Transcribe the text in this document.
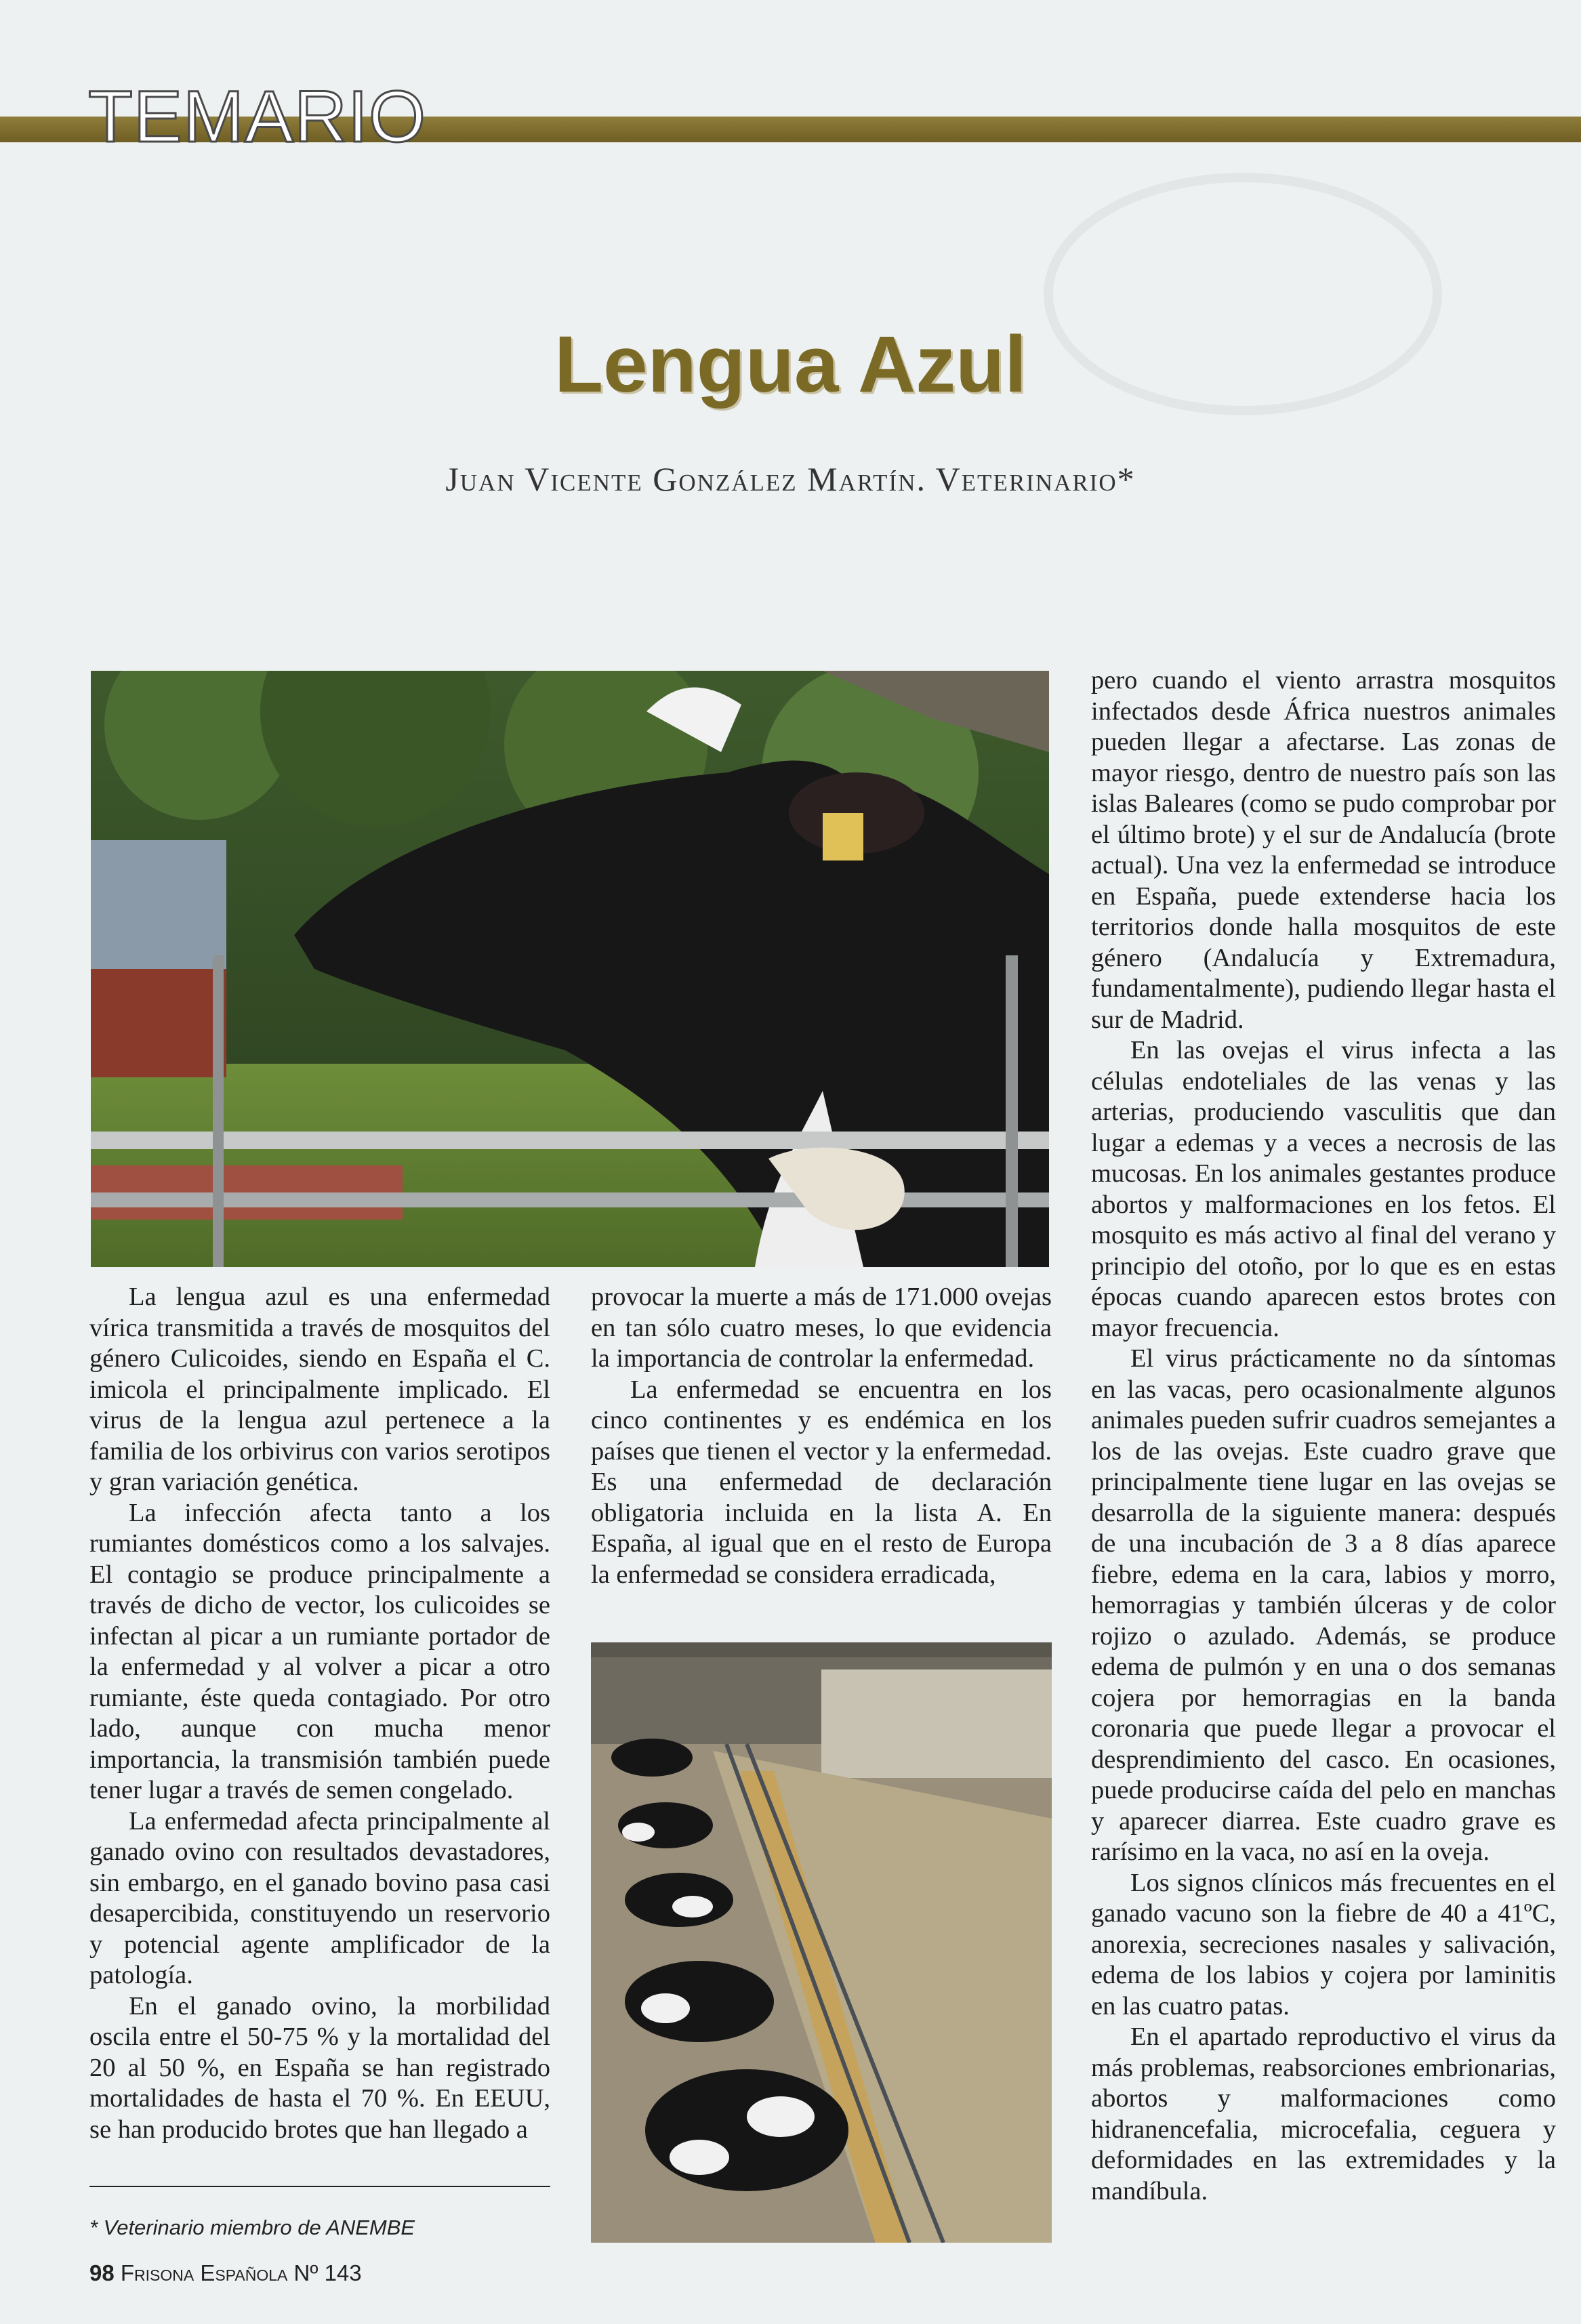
TEMARIO
Lengua Azul
Juan Vicente González Martín. Veterinario*

La lengua azul es una enfermedad vírica transmitida a través de mosquitos del género Culicoides, siendo en España el C. imicola el principalmente implicado. El virus de la lengua azul pertenece a la familia de los orbivirus con varios serotipos y gran variación genética.

La infección afecta tanto a los rumiantes domésticos como a los salvajes. El contagio se produce principalmente a través de dicho de vector, los culicoides se infectan al picar a un rumiante portador de la enfermedad y al volver a picar a otro rumiante, éste queda contagiado. Por otro lado, aunque con mucha menor importancia, la transmisión también puede tener lugar a través de semen congelado.

La enfermedad afecta principalmente al ganado ovino con resultados devastadores, sin embargo, en el ganado bovino pasa casi desapercibida, constituyendo un reservorio y potencial agente amplificador de la patología.

En el ganado ovino, la morbilidad oscila entre el 50-75 % y la mortalidad del 20 al 50 %, en España se han registrado mortalidades de hasta el 70 %. En EEUU, se han producido brotes que han llegado a

provocar la muerte a más de 171.000 ovejas en tan sólo cuatro meses, lo que evidencia la importancia de controlar la enfermedad.

La enfermedad se encuentra en los cinco continentes y es endémica en los países que tienen el vector y la enfermedad. Es una enfermedad de declaración obligatoria incluida en la lista A. En España, al igual que en el resto de Europa la enfermedad se considera erradicada,

pero cuando el viento arrastra mosquitos infectados desde África nuestros animales pueden llegar a afectarse. Las zonas de mayor riesgo, dentro de nuestro país son las islas Baleares (como se pudo comprobar por el último brote) y el sur de Andalucía (brote actual). Una vez la enfermedad se introduce en España, puede extenderse hacia los territorios donde halla mosquitos de este género (Andalucía y Extremadura, fundamentalmente), pudiendo llegar hasta el sur de Madrid.

En las ovejas el virus infecta a las células endoteliales de las venas y las arterias, produciendo vasculitis que dan lugar a edemas y a veces a necrosis de las mucosas. En los animales gestantes produce abortos y malformaciones en los fetos. El mosquito es más activo al final del verano y principio del otoño, por lo que es en estas épocas cuando aparecen estos brotes con mayor frecuencia.

El virus prácticamente no da síntomas en las vacas, pero ocasionalmente algunos animales pueden sufrir cuadros semejantes a los de las ovejas. Este cuadro grave que principalmente tiene lugar en las ovejas se desarrolla de la siguiente manera: después de una incubación de 3 a 8 días aparece fiebre, edema en la cara, labios y morro, hemorragias y también úlceras y de color rojizo o azulado. Además, se produce edema de pulmón y en una o dos semanas cojera por hemorragias en la banda coronaria que puede llegar a provocar el desprendimiento del casco. En ocasiones, puede producirse caída del pelo en manchas y aparecer diarrea. Este cuadro grave es rarísimo en la vaca, no así en la oveja.

Los signos clínicos más frecuentes en el ganado vacuno son la fiebre de 40 a 41ºC, anorexia, secreciones nasales y salivación, edema de los labios y cojera por laminitis en las cuatro patas.

En el apartado reproductivo el virus da más problemas, reabsorciones embrionarias, abortos y malformaciones como hidranencefalia, microcefalia, ceguera y deformidades en las extremidades y la mandíbula.

* Veterinario miembro de ANEMBE
98 Frisona Española Nº 143
